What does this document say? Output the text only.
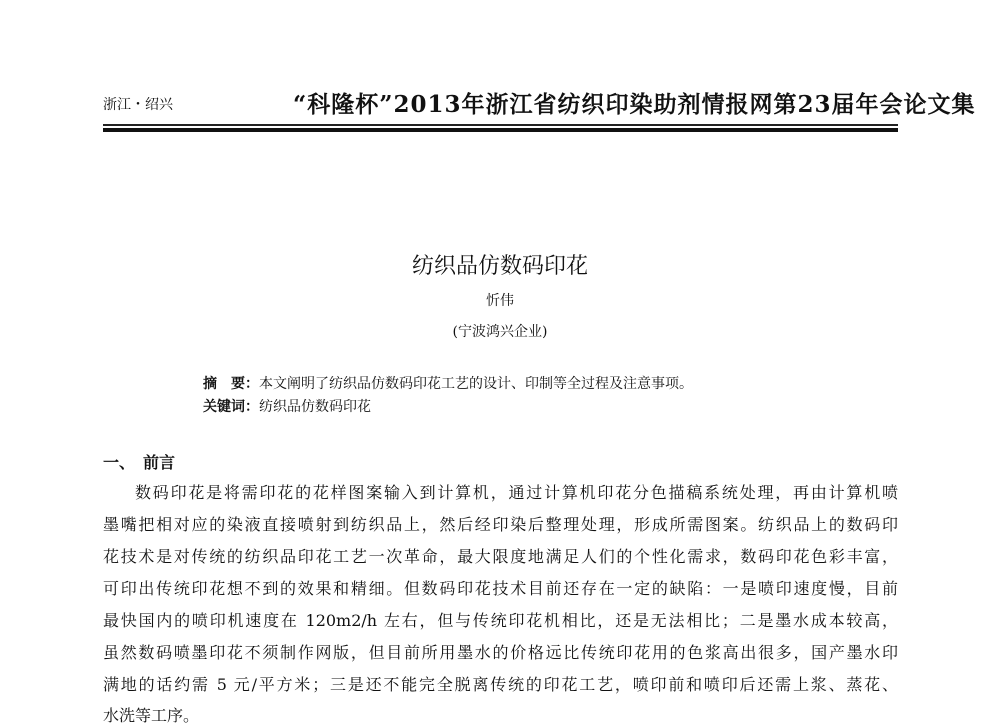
浙江・绍兴	“科隆杯”2013年浙江省纺织印染助剂情报网第23届年会论文集
纺织品仿数码印花
忻伟
(宁波鸿兴企业)
摘　要：本文阐明了纺织品仿数码印花工艺的设计、印制等全过程及注意事项。
关键词：纺织品仿数码印花
一、　前言
数码印花是将需印花的花样图案输入到计算机，通过计算机印花分色描稿系统处理，再由计算机喷
墨嘴把相对应的染液直接喷射到纺织品上，然后经印染后整理处理，形成所需图案。纺织品上的数码印
花技术是对传统的纺织品印花工艺一次革命，最大限度地满足人们的个性化需求，数码印花色彩丰富，
可印出传统印花想不到的效果和精细。但数码印花技术目前还存在一定的缺陷：一是喷印速度慢，目前
最快国内的喷印机速度在 120m2/h 左右，但与传统印花机相比，还是无法相比；二是墨水成本较高，
虽然数码喷墨印花不须制作网版，但目前所用墨水的价格远比传统印花用的色浆高出很多，国产墨水印
满地的话约需 5 元/平方米；三是还不能完全脱离传统的印花工艺，喷印前和喷印后还需上浆、蒸花、
水洗等工序。
